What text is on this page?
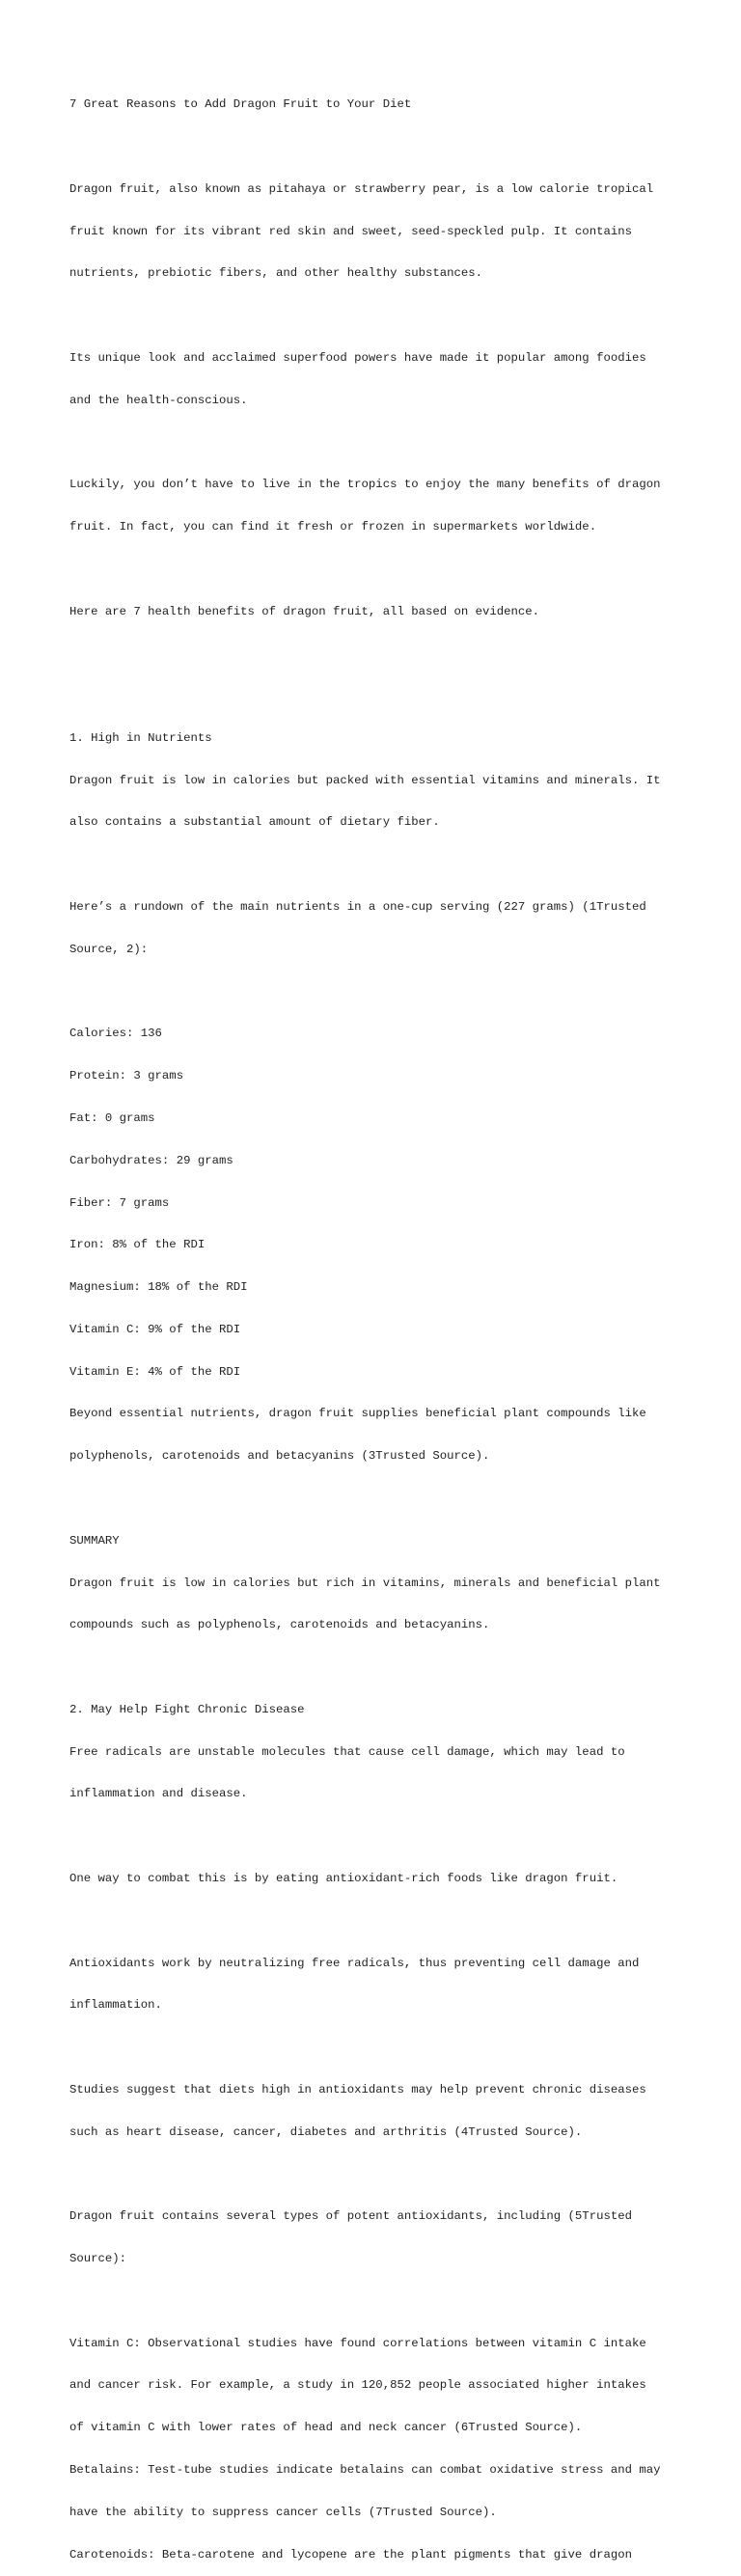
7 Great Reasons to Add Dragon Fruit to Your Diet

Dragon fruit, also known as pitahaya or strawberry pear, is a low calorie tropical

fruit known for its vibrant red skin and sweet, seed-speckled pulp. It contains

nutrients, prebiotic fibers, and other healthy substances.

Its unique look and acclaimed superfood powers have made it popular among foodies

and the health-conscious.

Luckily, you don’t have to live in the tropics to enjoy the many benefits of dragon

fruit. In fact, you can find it fresh or frozen in supermarkets worldwide.

Here are 7 health benefits of dragon fruit, all based on evidence.

1. High in Nutrients

Dragon fruit is low in calories but packed with essential vitamins and minerals. It

also contains a substantial amount of dietary fiber.

Here’s a rundown of the main nutrients in a one-cup serving (227 grams) (1Trusted

Source, 2):

Calories: 136

Protein: 3 grams

Fat: 0 grams

Carbohydrates: 29 grams

Fiber: 7 grams

Iron: 8% of the RDI

Magnesium: 18% of the RDI

Vitamin C: 9% of the RDI

Vitamin E: 4% of the RDI

Beyond essential nutrients, dragon fruit supplies beneficial plant compounds like

polyphenols, carotenoids and betacyanins (3Trusted Source).

SUMMARY

Dragon fruit is low in calories but rich in vitamins, minerals and beneficial plant

compounds such as polyphenols, carotenoids and betacyanins.

2. May Help Fight Chronic Disease

Free radicals are unstable molecules that cause cell damage, which may lead to

inflammation and disease.

One way to combat this is by eating antioxidant-rich foods like dragon fruit.

Antioxidants work by neutralizing free radicals, thus preventing cell damage and

inflammation.

Studies suggest that diets high in antioxidants may help prevent chronic diseases

such as heart disease, cancer, diabetes and arthritis (4Trusted Source).

Dragon fruit contains several types of potent antioxidants, including (5Trusted

Source):

Vitamin C: Observational studies have found correlations between vitamin C intake

and cancer risk. For example, a study in 120,852 people associated higher intakes

of vitamin C with lower rates of head and neck cancer (6Trusted Source).

Betalains: Test-tube studies indicate betalains can combat oxidative stress and may

have the ability to suppress cancer cells (7Trusted Source).

Carotenoids: Beta-carotene and lycopene are the plant pigments that give dragon
